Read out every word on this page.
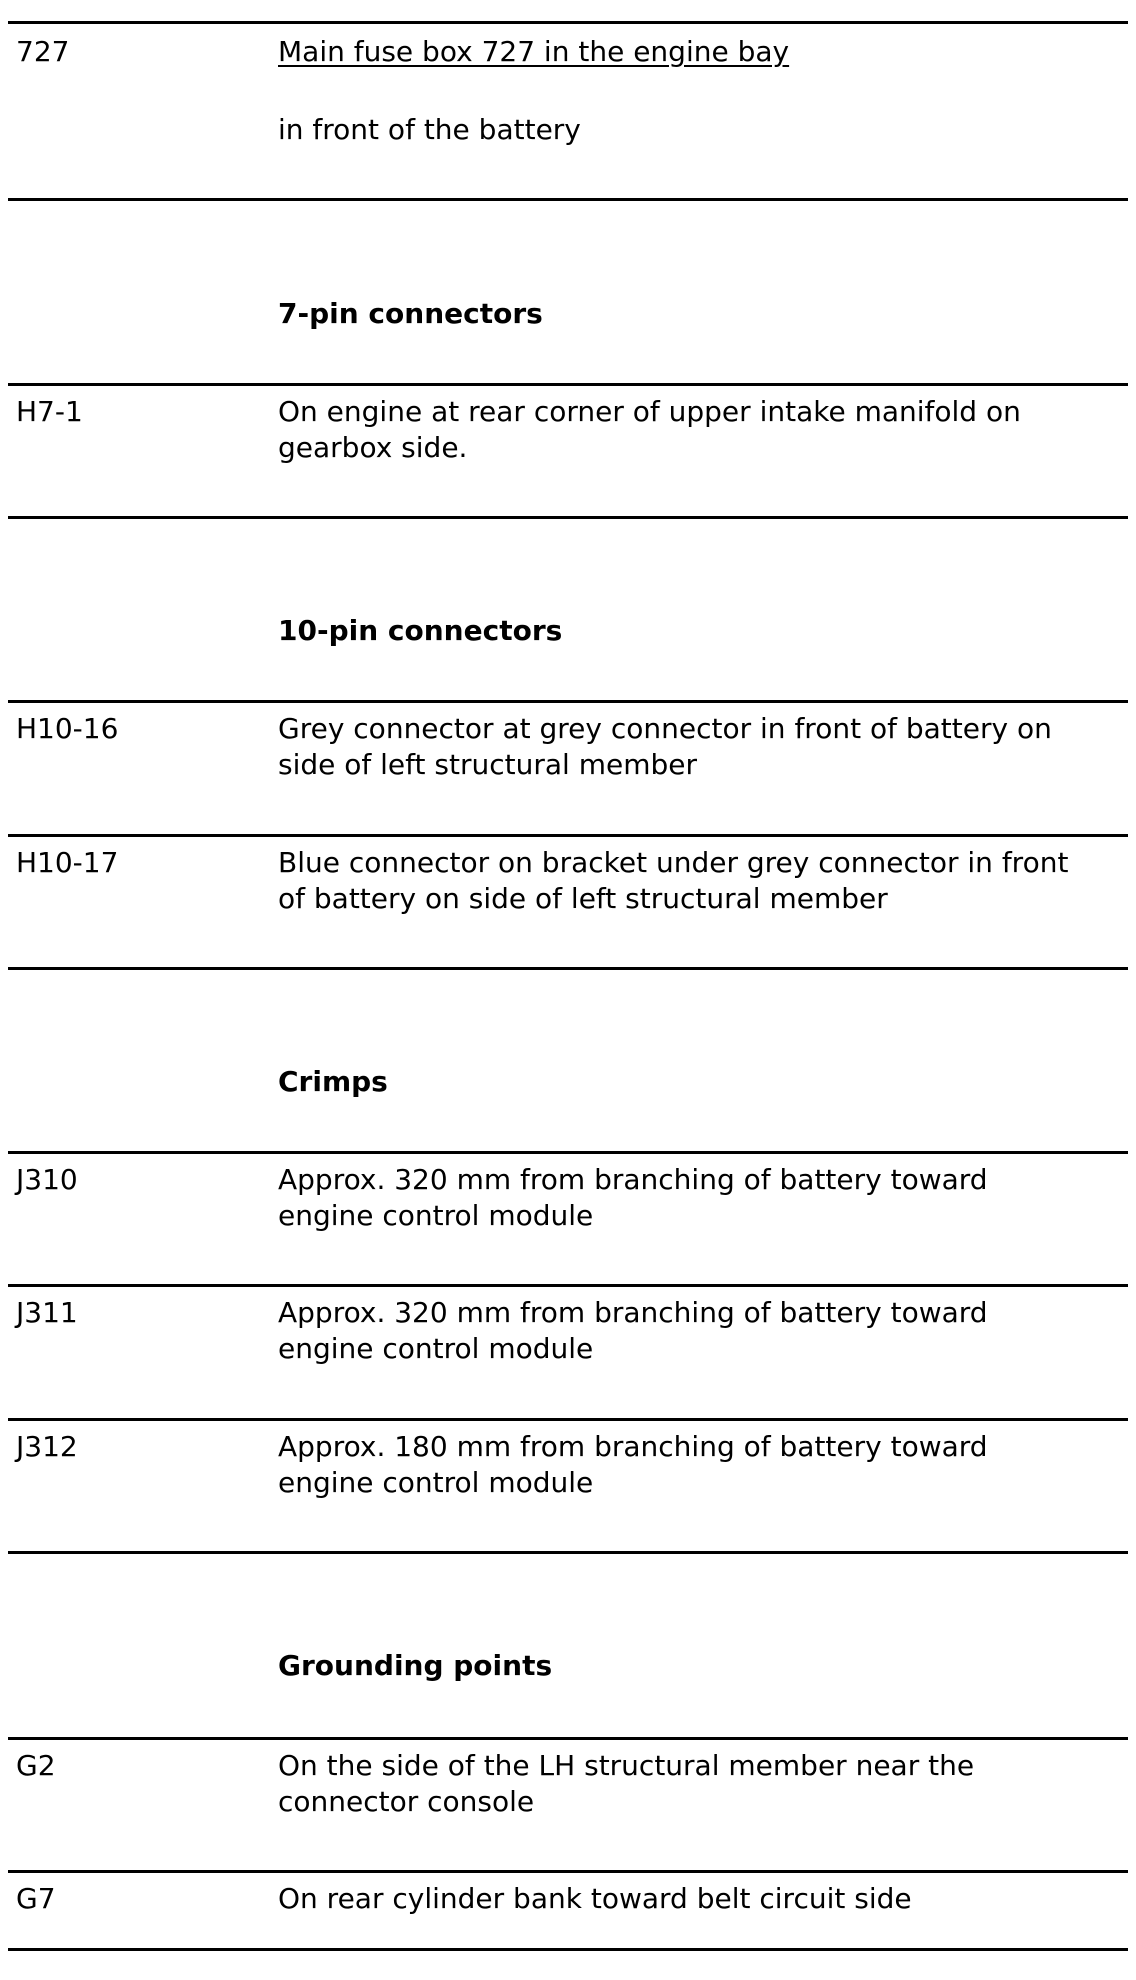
727	Main fuse box 727 in the engine bay
in front of the battery
7-pin connectors
H7-1	On engine at rear corner of upper intake manifold on
gearbox side.
10-pin connectors
H10-16	Grey connector at grey connector in front of battery on
side of left structural member
H10-17	Blue connector on bracket under grey connector in front
of battery on side of left structural member
Crimps
J310	Approx. 320 mm from branching of battery toward
engine control module
J311	Approx. 320 mm from branching of battery toward
engine control module
J312	Approx. 180 mm from branching of battery toward
engine control module
Grounding points
G2	On the side of the LH structural member near the
connector console
G7	On rear cylinder bank toward belt circuit side
